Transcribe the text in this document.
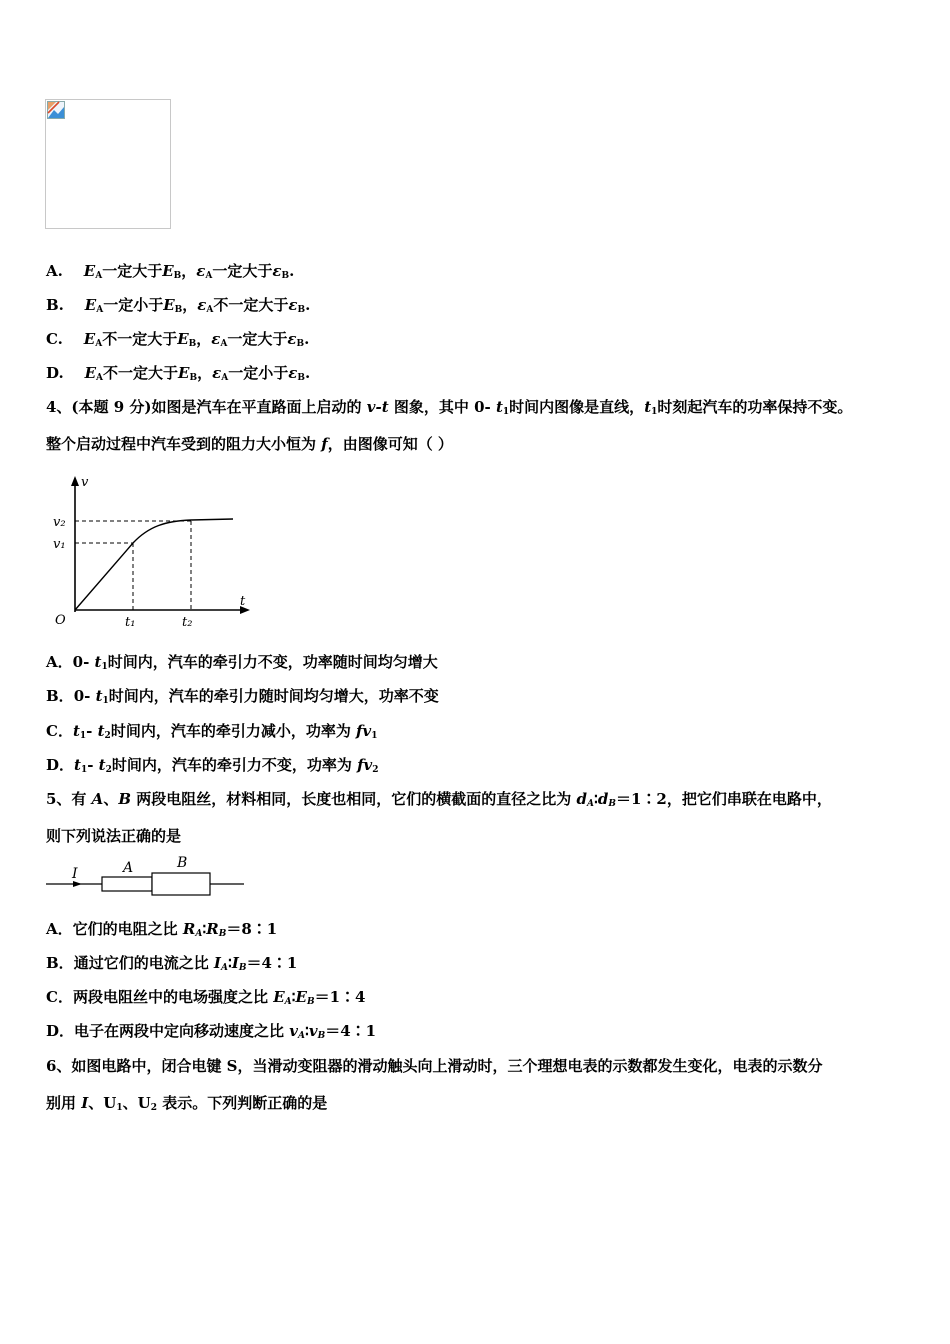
A. $E_A$一定大于$E_B$，$\varepsilon_A$一定大于$\varepsilon_B$.
B. $E_A$一定小于$E_B$，$\varepsilon_A$不一定大于$\varepsilon_B$.
C. $E_A$不一定大于$E_B$，$\varepsilon_A$一定大于$\varepsilon_B$.
D. $E_A$不一定大于$E_B$，$\varepsilon_A$一定小于$\varepsilon_B$.
4、(本题 9 分)如图是汽车在平直路面上启动的 v-t 图象，其中 0- $t_1$时间内图像是直线，$t_1$时刻起汽车的功率保持不变。
整个启动过程中汽车受到的阻力大小恒为 f，由图像可知（ ）
v
t
O
v₂
v₁
t₁	t₂
A．0- $t_1$时间内，汽车的牵引力不变，功率随时间均匀增大
B．0- $t_1$时间内，汽车的牵引力随时间均匀增大，功率不变
C．$t_1-$ $t_2$时间内，汽车的牵引力减小，功率为 $fv_1$
D．$t_1-$ $t_2$时间内，汽车的牵引力不变，功率为 $fv_2$
5、有 A、B 两段电阻丝，材料相同，长度也相同，它们的横截面的直径之比为 $d_A∶d_B=1∶2$，把它们串联在电路中，
则下列说法正确的是
I	A	B
A．它们的电阻之比 $R_A∶R_B=8∶1$
B．通过它们的电流之比 $I_A∶I_B=4∶1$
C．两段电阻丝中的电场强度之比 $E_A∶E_B=1∶4$
D．电子在两段中定向移动速度之比 $v_A∶v_B=4∶1$
6、如图电路中，闭合电键 S，当滑动变阻器的滑动触头向上滑动时，三个理想电表的示数都发生变化，电表的示数分
别用 I、$U_1$、$U_2$ 表示。下列判断正确的是
